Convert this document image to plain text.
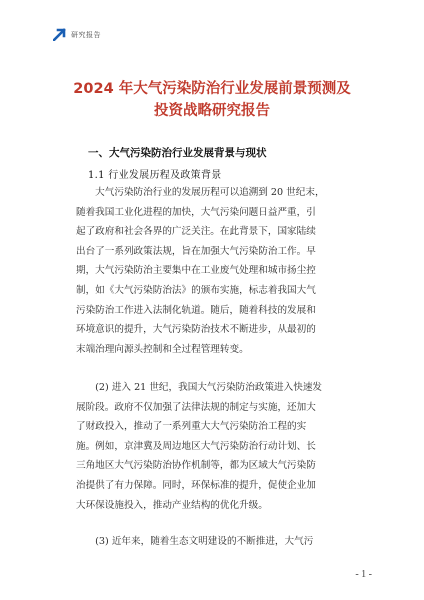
研究报告
2024 年大气污染防治行业发展前景预测及
投资战略研究报告
一、大气污染防治行业发展背景与现状
1.1 行业发展历程及政策背景
　　大气污染防治行业的发展历程可以追溯到 20 世纪末，
随着我国工业化进程的加快，大气污染问题日益严重，引
起了政府和社会各界的广泛关注。在此背景下，国家陆续
出台了一系列政策法规，旨在加强大气污染防治工作。早
期，大气污染防治主要集中在工业废气处理和城市扬尘控
制，如《大气污染防治法》的颁布实施，标志着我国大气
污染防治工作进入法制化轨道。随后，随着科技的发展和
环境意识的提升，大气污染防治技术不断进步，从最初的
末端治理向源头控制和全过程管理转变。
　　(2) 进入 21 世纪，我国大气污染防治政策进入快速发
展阶段。政府不仅加强了法律法规的制定与实施，还加大
了财政投入，推动了一系列重大大气污染防治工程的实
施。例如，京津冀及周边地区大气污染防治行动计划、长
三角地区大气污染防治协作机制等，都为区域大气污染防
治提供了有力保障。同时，环保标准的提升，促使企业加
大环保设施投入，推动产业结构的优化升级。
　　(3) 近年来，随着生态文明建设的不断推进，大气污
- 1 -
